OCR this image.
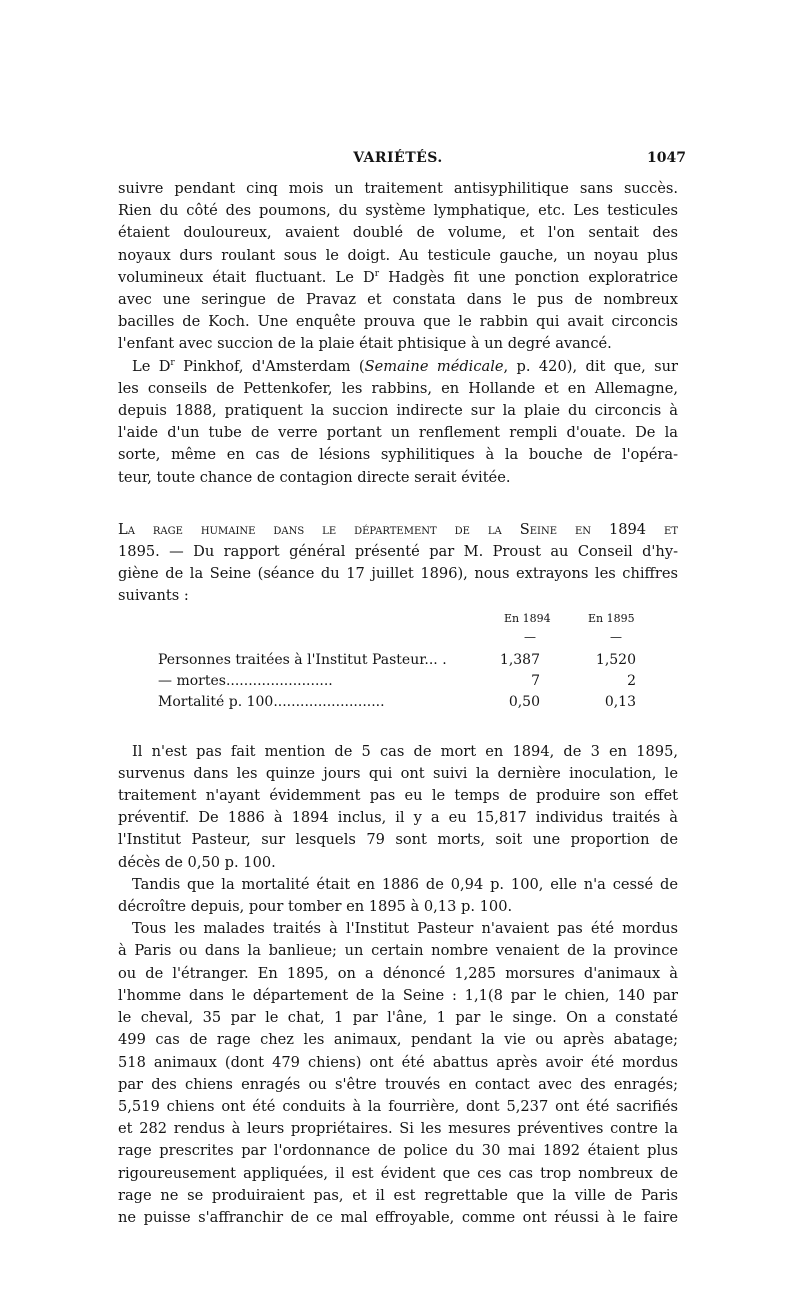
VARIÉTÉS.	1047
suivre pendant cinq mois un traitement antisyphilitique sans succès.
Rien du côté des poumons, du système lymphatique, etc. Les testicules
étaient douloureux, avaient doublé de volume, et l'on sentait des
noyaux durs roulant sous le doigt. Au testicule gauche, un noyau plus
volumineux était fluctuant. Le $D^r$ Hadgès fit une ponction exploratrice
avec une seringue de Pravaz et constata dans le pus de nombreux
bacilles de Koch. Une enquête prouva que le rabbin qui avait circoncis
l'enfant avec succion de la plaie était phtisique à un degré avancé.
Le $D^r$ Pinkhof, d'Amsterdam (Semaine médicale, p. 420), dit que, sur
les conseils de Pettenkofer, les rabbins, en Hollande et en Allemagne,
depuis 1888, pratiquent la succion indirecte sur la plaie du circoncis à
l'aide d'un tube de verre portant un renflement rempli d'ouate. De la
sorte, même en cas de lésions syphilitiques à la bouche de l'opéra-
teur, toute chance de contagion directe serait évitée.
La rage humaine dans le département de la Seine en 1894 et
1895. — Du rapport général présenté par M. Proust au Conseil d'hy-
giène de la Seine (séance du 17 juillet 1896), nous extrayons les chiffres
suivants :
En 1894	En 1895
—	—
Personnes traitées à l'Institut Pasteur... .	1,387	1,520
— mortes........................	7	2
Mortalité p. 100.........................	0,50	0,13
Il n'est pas fait mention de 5 cas de mort en 1894, de 3 en 1895,
survenus dans les quinze jours qui ont suivi la dernière inoculation, le
traitement n'ayant évidemment pas eu le temps de produire son effet
préventif. De 1886 à 1894 inclus, il y a eu 15,817 individus traités à
l'Institut Pasteur, sur lesquels 79 sont morts, soit une proportion de
décès de 0,50 p. 100.
Tandis que la mortalité était en 1886 de 0,94 p. 100, elle n'a cessé de
décroître depuis, pour tomber en 1895 à 0,13 p. 100.
Tous les malades traités à l'Institut Pasteur n'avaient pas été mordus
à Paris ou dans la banlieue; un certain nombre venaient de la province
ou de l'étranger. En 1895, on a dénoncé 1,285 morsures d'animaux à
l'homme dans le département de la Seine : 1,1(8 par le chien, 140 par
le cheval, 35 par le chat, 1 par l'âne, 1 par le singe. On a constaté
499 cas de rage chez les animaux, pendant la vie ou après abatage;
518 animaux (dont 479 chiens) ont été abattus après avoir été mordus
par des chiens enragés ou s'être trouvés en contact avec des enragés;
5,519 chiens ont été conduits à la fourrière, dont 5,237 ont été sacrifiés
et 282 rendus à leurs propriétaires. Si les mesures préventives contre la
rage prescrites par l'ordonnance de police du 30 mai 1892 étaient plus
rigoureusement appliquées, il est évident que ces cas trop nombreux de
rage ne se produiraient pas, et il est regrettable que la ville de Paris
ne puisse s'affranchir de ce mal effroyable, comme ont réussi à le faire
